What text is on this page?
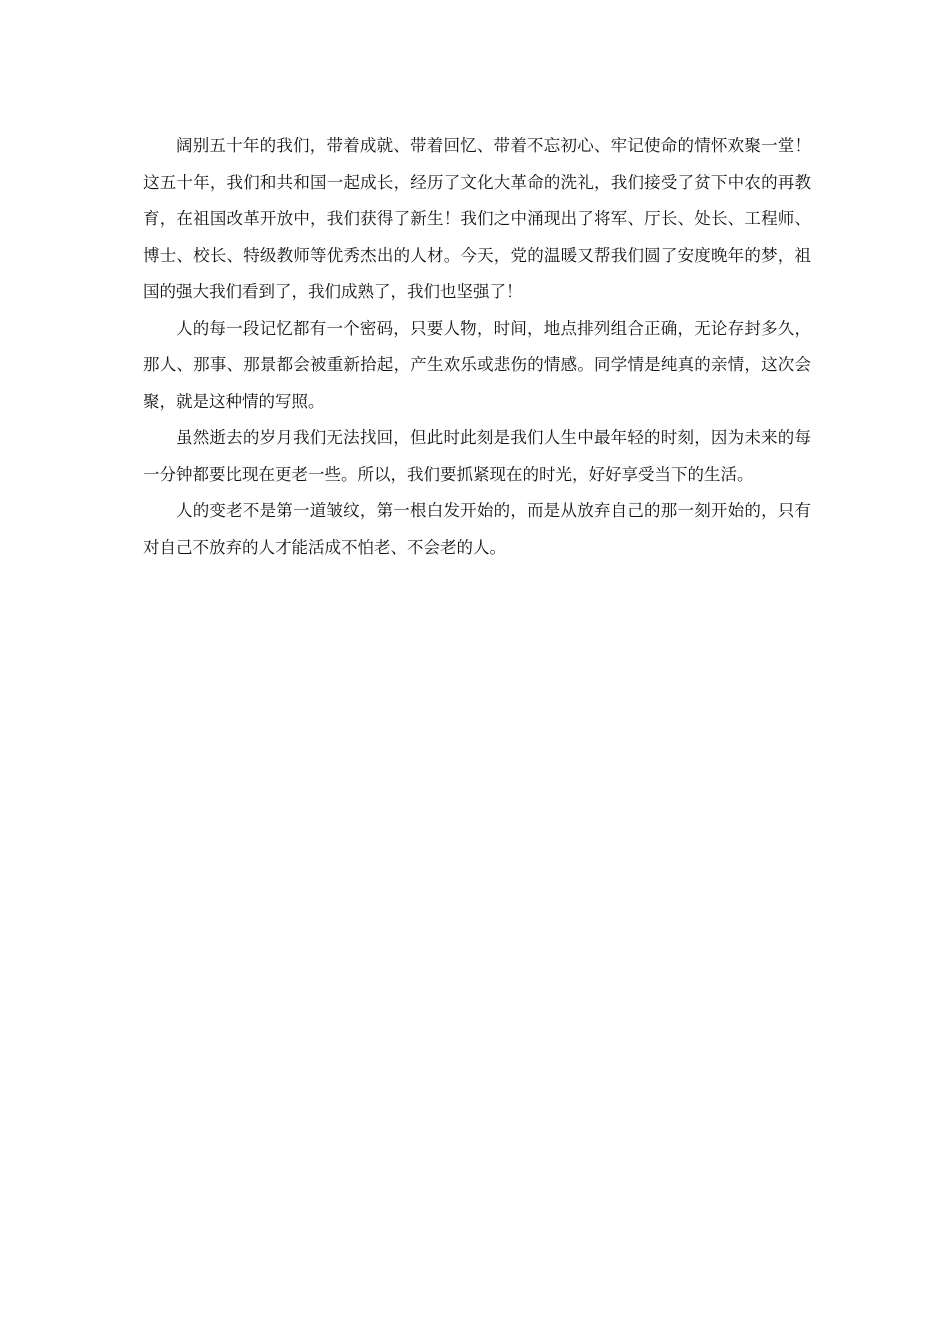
阔别五十年的我们，带着成就、带着回忆、带着不忘初心、牢记使命的情怀欢聚一堂！这五十年，我们和共和国一起成长，经历了文化大革命的洗礼，我们接受了贫下中农的再教育，在祖国改革开放中，我们获得了新生！我们之中涌现出了将军、厅长、处长、工程师、博士、校长、特级教师等优秀杰出的人材。今天，党的温暖又帮我们圆了安度晚年的梦，祖国的强大我们看到了，我们成熟了，我们也坚强了！

人的每一段记忆都有一个密码，只要人物，时间，地点排列组合正确，无论存封多久，那人、那事、那景都会被重新拾起，产生欢乐或悲伤的情感。同学情是纯真的亲情，这次会聚，就是这种情的写照。

虽然逝去的岁月我们无法找回，但此时此刻是我们人生中最年轻的时刻，因为未来的每一分钟都要比现在更老一些。所以，我们要抓紧现在的时光，好好享受当下的生活。

人的变老不是第一道皱纹，第一根白发开始的，而是从放弃自己的那一刻开始的，只有对自己不放弃的人才能活成不怕老、不会老的人。
